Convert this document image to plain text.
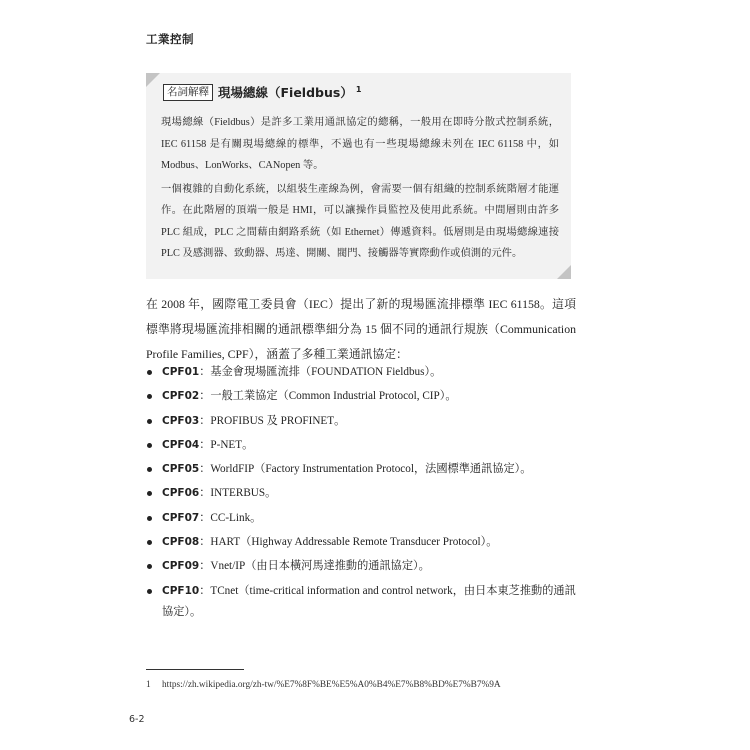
工業控制
名詞解釋 現場總線（Fieldbus） $^1$

現場總線（Fieldbus）是許多工業用通訊協定的總稱，一般用在即時分散式控制系統，IEC 61158 是有關現場總線的標準，不過也有一些現場總線未列在 IEC 61158 中，如 Modbus、LonWorks、CANopen 等。

一個複雜的自動化系統，以組裝生產線為例，會需要一個有組織的控制系統階層才能運作。在此階層的頂端一般是 HMI，可以讓操作員監控及使用此系統。中間層則由許多 PLC 組成，PLC 之間藉由網路系統（如 Ethernet）傳遞資料。低層則是由現場總線連接 PLC 及感測器、致動器、馬達、開關、閥門、接觸器等實際動作或偵測的元件。

在 2008 年，國際電工委員會（IEC）提出了新的現場匯流排標準 IEC 61158。這項標準將現場匯流排相關的通訊標準細分為 15 個不同的通訊行規族（Communication Profile Families, CPF），涵蓋了多種工業通訊協定：
CPF01：基金會現場匯流排（FOUNDATION Fieldbus）。
CPF02：一般工業協定（Common Industrial Protocol, CIP）。
CPF03：PROFIBUS 及 PROFINET。
CPF04：P-NET。
CPF05：WorldFIP（Factory Instrumentation Protocol，法國標準通訊協定）。
CPF06：INTERBUS。
CPF07：CC-Link。
CPF08：HART（Highway Addressable Remote Transducer Protocol）。
CPF09：Vnet/IP（由日本橫河馬達推動的通訊協定）。
CPF10：TCnet（time-critical information and control network，由日本東芝推動的通訊協定）。
1 https://zh.wikipedia.org/zh-tw/%E7%8F%BE%E5%A0%B4%E7%B8%BD%E7%B7%9A
6-2
